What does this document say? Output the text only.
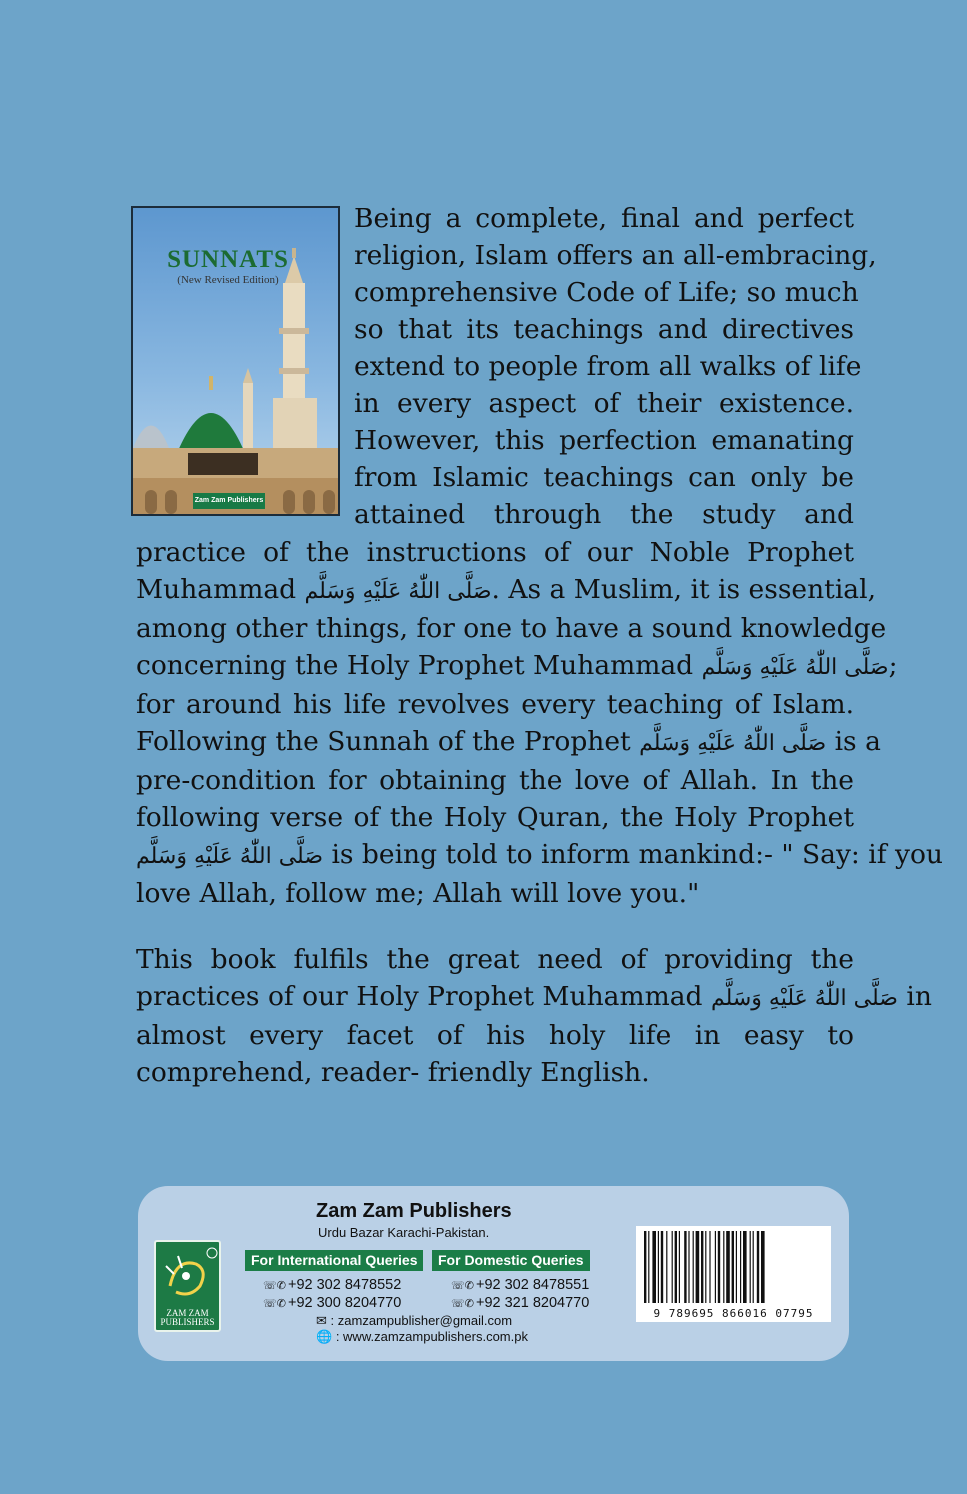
SUNNATS
(New Revised Edition)
Zam Zam Publishers
Being a complete, final and perfect
religion, Islam offers an all-embracing,
comprehensive Code of Life; so much
so that its teachings and directives
extend to people from all walks of life
in every aspect of their existence.
However, this perfection emanating
from Islamic teachings can only be
attained through the study and
practice of the instructions of our Noble Prophet
Muhammad صَلَّى اللّٰهُ عَلَيْهِ وَسَلَّم. As a Muslim, it is essential,
among other things, for one to have a sound knowledge
concerning the Holy Prophet Muhammad صَلَّى اللّٰهُ عَلَيْهِ وَسَلَّم;
for around his life revolves every teaching of Islam.
Following the Sunnah of the Prophet صَلَّى اللّٰهُ عَلَيْهِ وَسَلَّم is a
pre-condition for obtaining the love of Allah. In the
following verse of the Holy Quran, the Holy Prophet
صَلَّى اللّٰهُ عَلَيْهِ وَسَلَّم is being told to inform mankind:- " Say: if you
love Allah, follow me; Allah will love you."
This book fulfils the great need of providing the
practices of our Holy Prophet Muhammad صَلَّى اللّٰهُ عَلَيْهِ وَسَلَّم in
almost every facet of his holy life in easy to
comprehend, reader- friendly English.
ZAM ZAM
PUBLISHERS
Zam Zam Publishers
Urdu Bazar Karachi-Pakistan.
For International Queries	For Domestic Queries
☏✆ +92 302 8478552
☏✆ +92 300 8204770
☏✆ +92 302 8478551
☏✆ +92 321 8204770
✉ : zamzampublisher@gmail.com
🌐 : www.zamzampublishers.com.pk
9 789695 866016 07795
